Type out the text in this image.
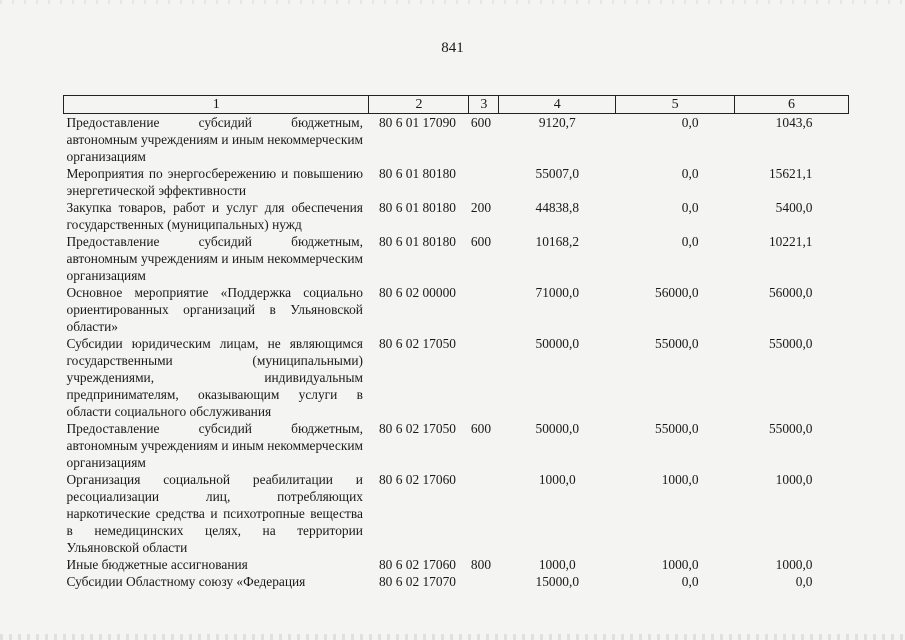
841
1	2	3	4	5	6
Предоставление субсидий бюджетным, автономным учреждениям и иным некоммерческим организациям	80 6 01 17090	600	9120,7	0,0	1043,6
Мероприятия по энергосбережению и повышению энергетической эффективности	80 6 01 80180		55007,0	0,0	15621,1
Закупка товаров, работ и услуг для обеспечения государственных (муниципальных) нужд	80 6 01 80180	200	44838,8	0,0	5400,0
Предоставление субсидий бюджетным, автономным учреждениям и иным некоммерческим организациям	80 6 01 80180	600	10168,2	0,0	10221,1
Основное мероприятие «Поддержка социально ориентированных организаций в Ульяновской области»	80 6 02 00000		71000,0	56000,0	56000,0
Субсидии юридическим лицам, не являющимся государственными (муниципальными) учреждениями, индивидуальным предпринимателям, оказывающим услуги в области социального обслуживания	80 6 02 17050		50000,0	55000,0	55000,0
Предоставление субсидий бюджетным, автономным учреждениям и иным некоммерческим организациям	80 6 02 17050	600	50000,0	55000,0	55000,0
Организация социальной реабилитации и ресоциализации лиц, потребляющих наркотические средства и психотропные вещества в немедицинских целях, на территории Ульяновской области	80 6 02 17060		1000,0	1000,0	1000,0
Иные бюджетные ассигнования	80 6 02 17060	800	1000,0	1000,0	1000,0
Субсидии Областному союзу «Федерация	80 6 02 17070		15000,0	0,0	0,0
